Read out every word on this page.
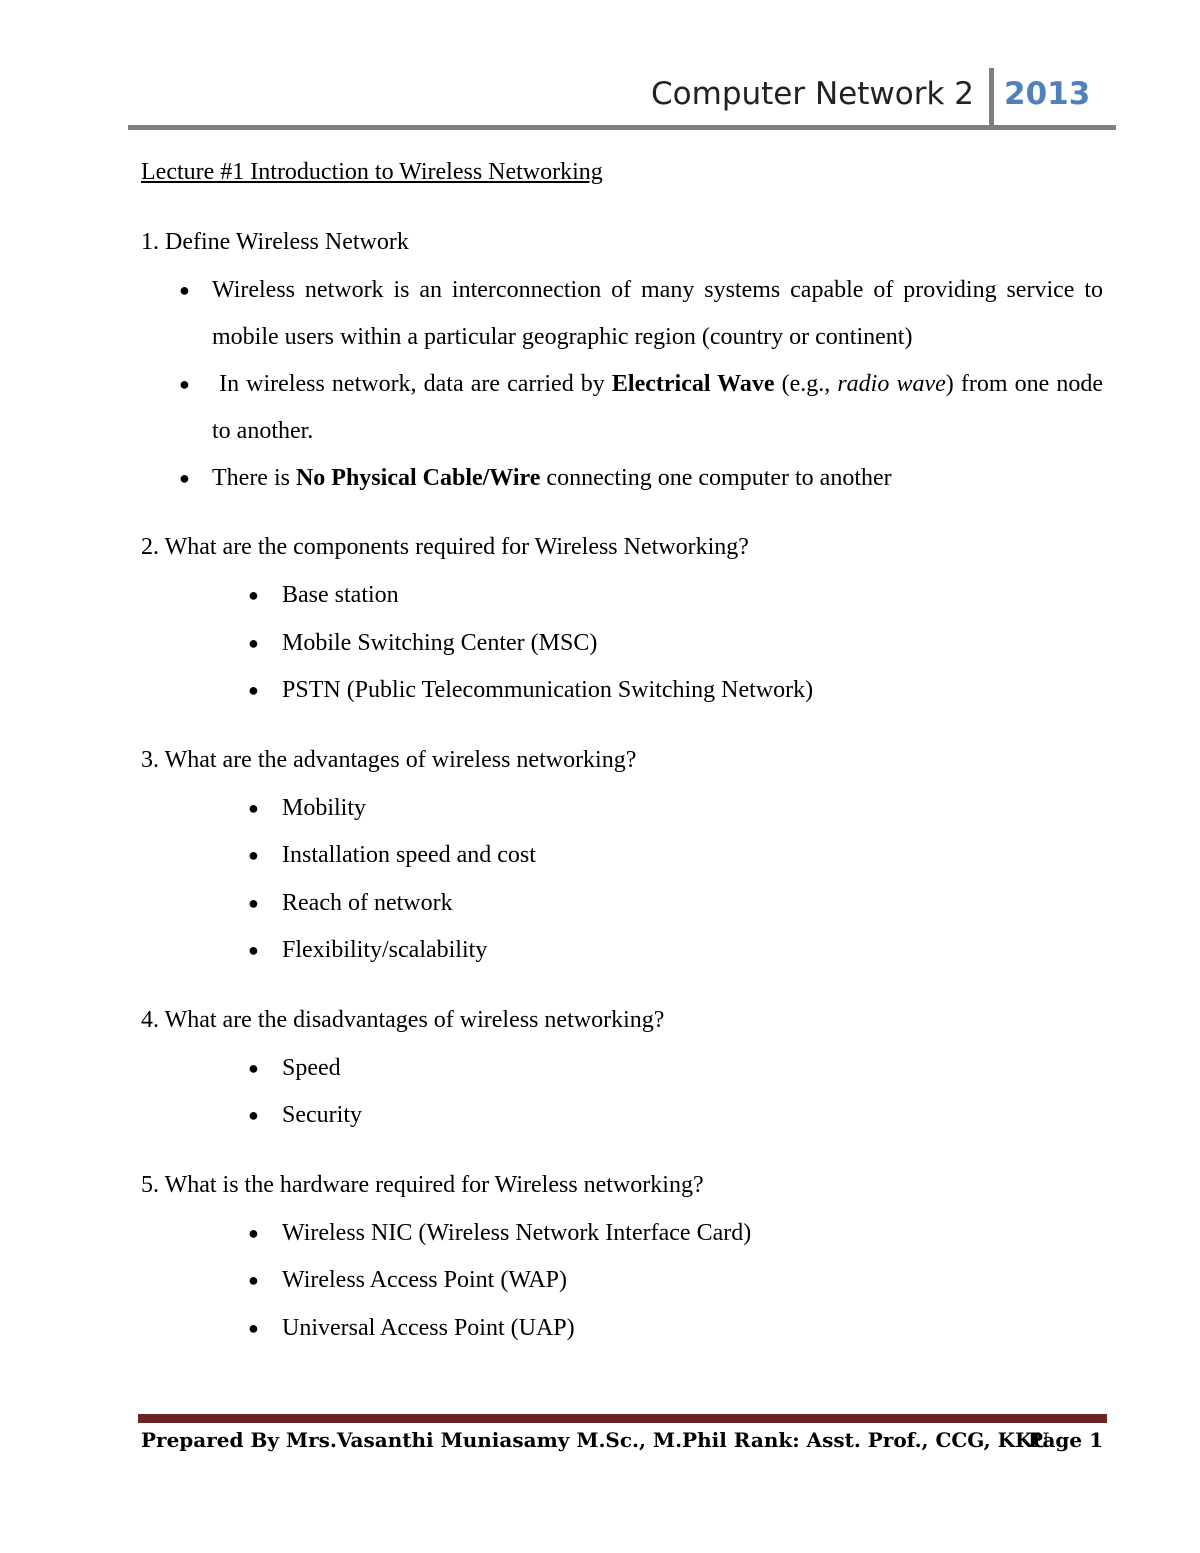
Computer Network 2 2013
Lecture #1 Introduction to Wireless Networking
1. Define Wireless Network
● Wireless network is an interconnection of many systems capable of providing service to mobile users within a particular geographic region (country or continent)
● In wireless network, data are carried by Electrical Wave (e.g., radio wave) from one node to another.
● There is No Physical Cable/Wire connecting one computer to another
2. What are the components required for Wireless Networking?
● Base station
● Mobile Switching Center (MSC)
● PSTN (Public Telecommunication Switching Network)
3. What are the advantages of wireless networking?
● Mobility
● Installation speed and cost
● Reach of network
● Flexibility/scalability
4. What are the disadvantages of wireless networking?
● Speed
● Security
5. What is the hardware required for Wireless networking?
● Wireless NIC (Wireless Network Interface Card)
● Wireless Access Point (WAP)
● Universal Access Point (UAP)
Prepared By Mrs.Vasanthi Muniasamy M.Sc., M.Phil Rank: Asst. Prof., CCG, KKU
Page 1
